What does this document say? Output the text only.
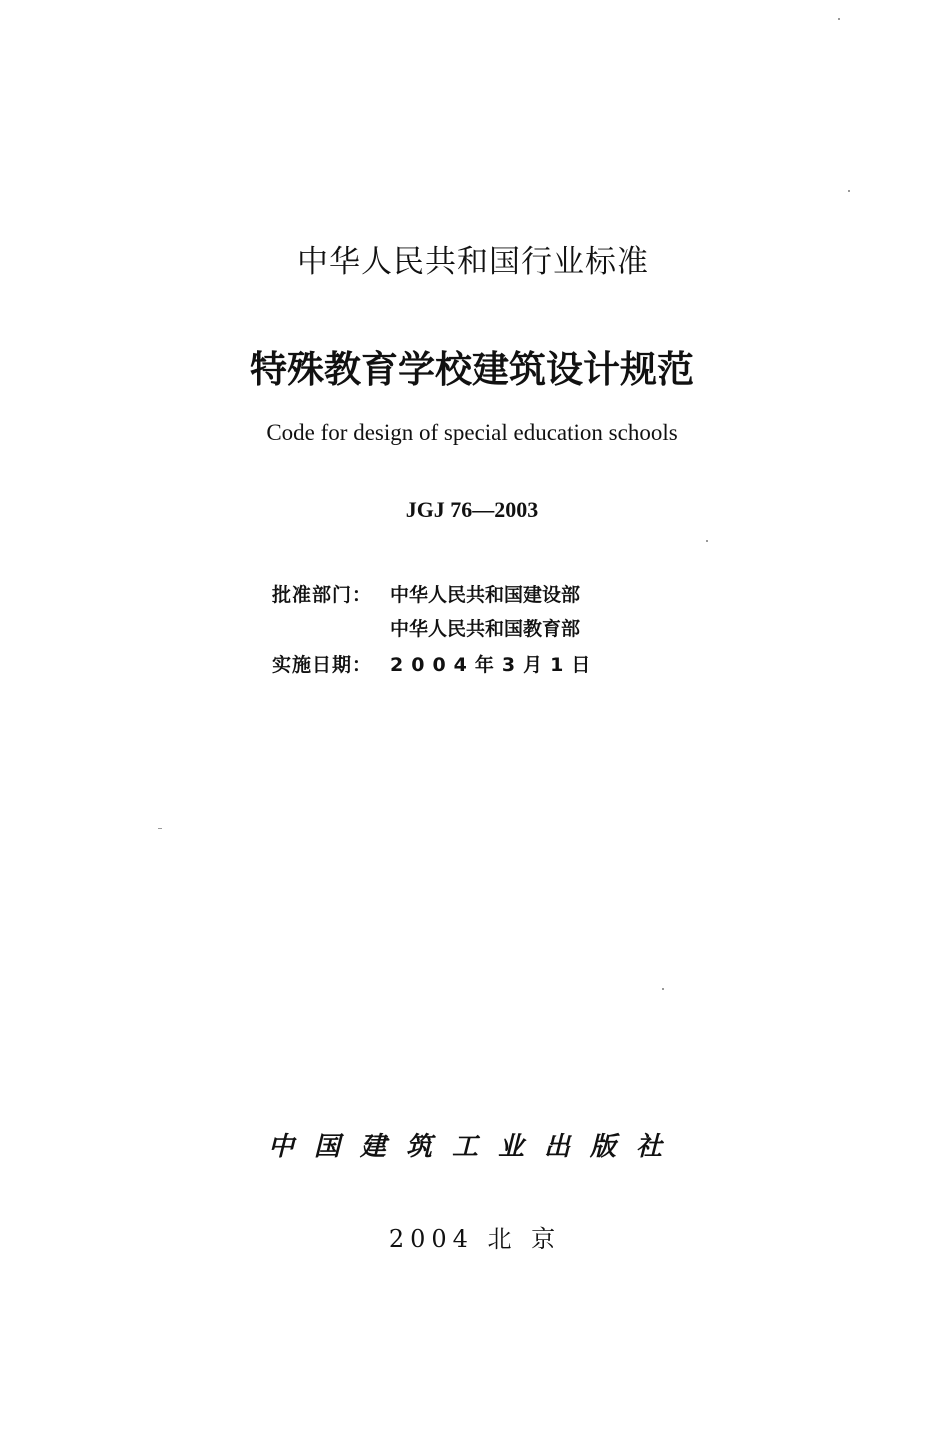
中华人民共和国行业标准
特殊教育学校建筑设计规范
Code for design of special education schools
JGJ 76—2003
批准部门： 中华人民共和国建设部
中华人民共和国教育部
实施日期： 2004年3月1日
中国建筑工业出版社
2004 北 京
